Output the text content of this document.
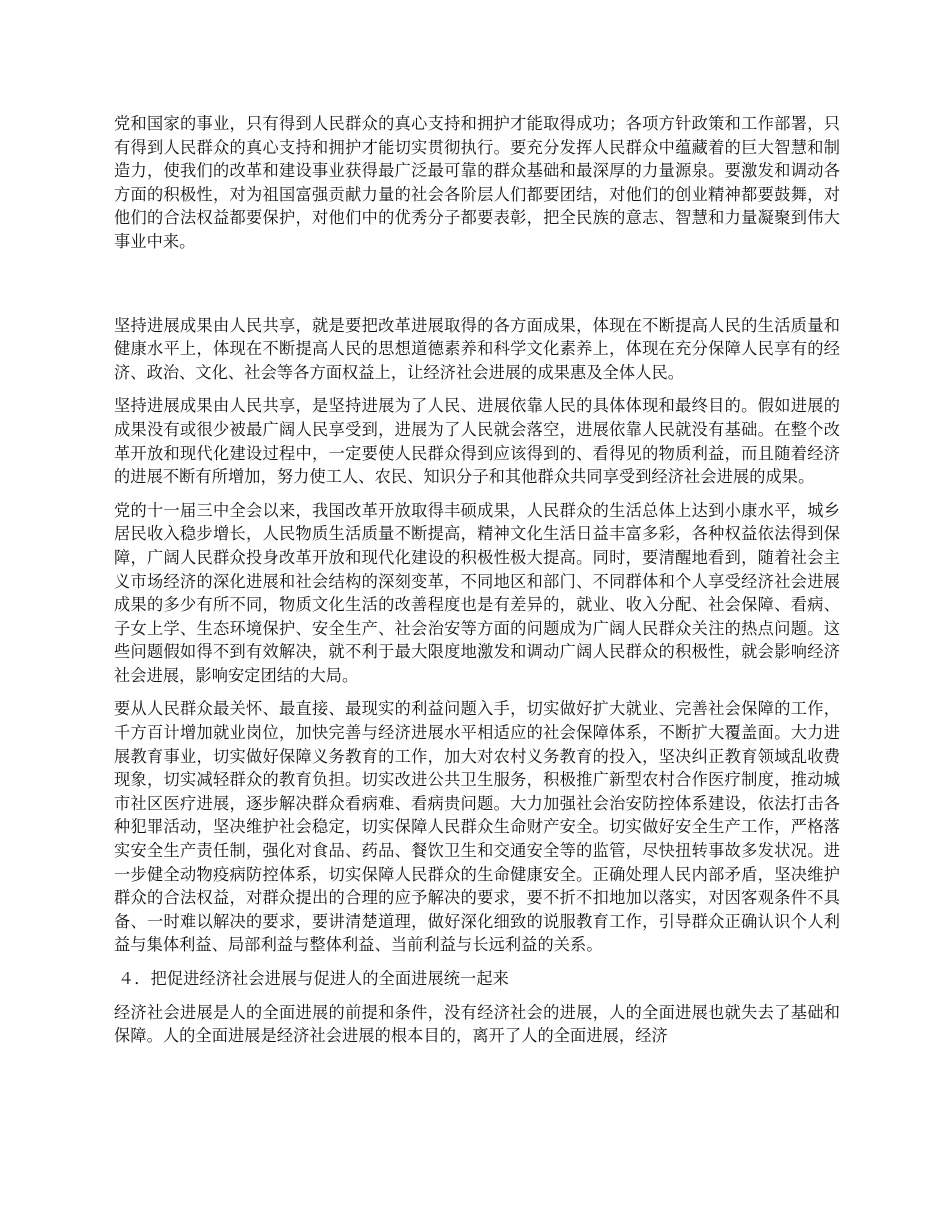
党和国家的事业，只有得到人民群众的真心支持和拥护才能取得成功；各项方针政策和工作部署，只有得到人民群众的真心支持和拥护才能切实贯彻执行。要充分发挥人民群众中蕴藏着的巨大智慧和制造力，使我们的改革和建设事业获得最广泛最可靠的群众基础和最深厚的力量源泉。要激发和调动各方面的积极性，对为祖国富强贡献力量的社会各阶层人们都要团结，对他们的创业精神都要鼓舞，对他们的合法权益都要保护，对他们中的优秀分子都要表彰，把全民族的意志、智慧和力量凝聚到伟大事业中来。

坚持进展成果由人民共享，就是要把改革进展取得的各方面成果，体现在不断提高人民的生活质量和健康水平上，体现在不断提高人民的思想道德素养和科学文化素养上，体现在充分保障人民享有的经济、政治、文化、社会等各方面权益上，让经济社会进展的成果惠及全体人民。

坚持进展成果由人民共享，是坚持进展为了人民、进展依靠人民的具体体现和最终目的。假如进展的成果没有或很少被最广阔人民享受到，进展为了人民就会落空，进展依靠人民就没有基础。在整个改革开放和现代化建设过程中，一定要使人民群众得到应该得到的、看得见的物质利益，而且随着经济的进展不断有所增加，努力使工人、农民、知识分子和其他群众共同享受到经济社会进展的成果。

党的十一届三中全会以来，我国改革开放取得丰硕成果，人民群众的生活总体上达到小康水平，城乡居民收入稳步增长，人民物质生活质量不断提高，精神文化生活日益丰富多彩，各种权益依法得到保障，广阔人民群众投身改革开放和现代化建设的积极性极大提高。同时，要清醒地看到，随着社会主义市场经济的深化进展和社会结构的深刻变革，不同地区和部门、不同群体和个人享受经济社会进展成果的多少有所不同，物质文化生活的改善程度也是有差异的，就业、收入分配、社会保障、看病、子女上学、生态环境保护、安全生产、社会治安等方面的问题成为广阔人民群众关注的热点问题。这些问题假如得不到有效解决，就不利于最大限度地激发和调动广阔人民群众的积极性，就会影响经济社会进展，影响安定团结的大局。

要从人民群众最关怀、最直接、最现实的利益问题入手，切实做好扩大就业、完善社会保障的工作，千方百计增加就业岗位，加快完善与经济进展水平相适应的社会保障体系，不断扩大覆盖面。大力进展教育事业，切实做好保障义务教育的工作，加大对农村义务教育的投入，坚决纠正教育领域乱收费现象，切实减轻群众的教育负担。切实改进公共卫生服务，积极推广新型农村合作医疗制度，推动城市社区医疗进展，逐步解决群众看病难、看病贵问题。大力加强社会治安防控体系建设，依法打击各种犯罪活动，坚决维护社会稳定，切实保障人民群众生命财产安全。切实做好安全生产工作，严格落实安全生产责任制，强化对食品、药品、餐饮卫生和交通安全等的监管，尽快扭转事故多发状况。进一步健全动物疫病防控体系，切实保障人民群众的生命健康安全。正确处理人民内部矛盾，坚决维护群众的合法权益，对群众提出的合理的应予解决的要求，要不折不扣地加以落实，对因客观条件不具备、一时难以解决的要求，要讲清楚道理，做好深化细致的说服教育工作，引导群众正确认识个人利益与集体利益、局部利益与整体利益、当前利益与长远利益的关系。

４．把促进经济社会进展与促进人的全面进展统一起来

经济社会进展是人的全面进展的前提和条件，没有经济社会的进展，人的全面进展也就失去了基础和保障。人的全面进展是经济社会进展的根本目的，离开了人的全面进展，经济
